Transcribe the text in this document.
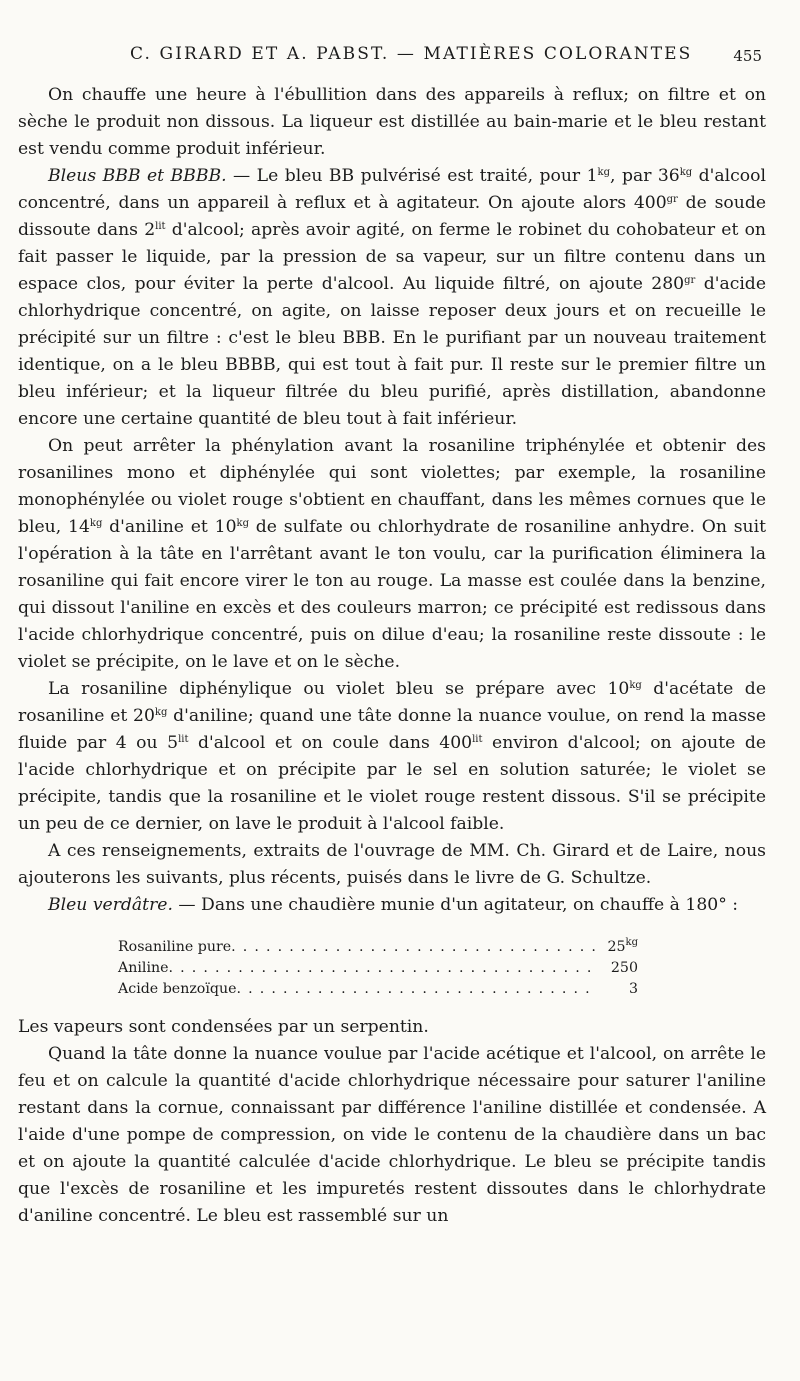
C. GIRARD ET A. PABST. — MATIÈRES COLORANTES	455

On chauffe une heure à l'ébullition dans des appareils à reflux; on filtre et on sèche le produit non dissous. La liqueur est distillée au bain-marie et le bleu restant est vendu comme produit inférieur.

Bleus BBB et BBBB. — Le bleu BB pulvérisé est traité, pour $1^{kg}$, par $36^{kg}$ d'alcool concentré, dans un appareil à reflux et à agitateur. On ajoute alors $400^{gr}$ de soude dissoute dans $2^{lit}$ d'alcool; après avoir agité, on ferme le robinet du cohobateur et on fait passer le liquide, par la pression de sa vapeur, sur un filtre contenu dans un espace clos, pour éviter la perte d'alcool. Au liquide filtré, on ajoute $280^{gr}$ d'acide chlorhydrique concentré, on agite, on laisse reposer deux jours et on recueille le précipité sur un filtre : c'est le bleu BBB. En le purifiant par un nouveau traitement identique, on a le bleu BBBB, qui est tout à fait pur. Il reste sur le premier filtre un bleu inférieur; et la liqueur filtrée du bleu purifié, après distillation, abandonne encore une certaine quantité de bleu tout à fait inférieur.

On peut arrêter la phénylation avant la rosaniline triphénylée et obtenir des rosanilines mono et diphénylée qui sont violettes; par exemple, la rosaniline monophénylée ou violet rouge s'obtient en chauffant, dans les mêmes cornues que le bleu, $14^{kg}$ d'aniline et $10^{kg}$ de sulfate ou chlorhydrate de rosaniline anhydre. On suit l'opération à la tâte en l'arrêtant avant le ton voulu, car la purification éliminera la rosaniline qui fait encore virer le ton au rouge. La masse est coulée dans la benzine, qui dissout l'aniline en excès et des couleurs marron; ce précipité est redissous dans l'acide chlorhydrique concentré, puis on dilue d'eau; la rosaniline reste dissoute : le violet se précipite, on le lave et on le sèche.

La rosaniline diphénylique ou violet bleu se prépare avec $10^{kg}$ d'acétate de rosaniline et $20^{kg}$ d'aniline; quand une tâte donne la nuance voulue, on rend la masse fluide par 4 ou $5^{lit}$ d'alcool et on coule dans $400^{lit}$ environ d'alcool; on ajoute de l'acide chlorhydrique et on précipite par le sel en solution saturée; le violet se précipite, tandis que la rosaniline et le violet rouge restent dissous. S'il se précipite un peu de ce dernier, on lave le produit à l'alcool faible.

A ces renseignements, extraits de l'ouvrage de MM. Ch. Girard et de Laire, nous ajouterons les suivants, plus récents, puisés dans le livre de G. Schultze.

Bleu verdâtre. — Dans une chaudière munie d'un agitateur, on chauffe à 180° :

Rosaniline pure . . .	$25^{kg}$
Aniline . . .	250
Acide benzoïque . . .	3

Les vapeurs sont condensées par un serpentin.

Quand la tâte donne la nuance voulue par l'acide acétique et l'alcool, on arrête le feu et on calcule la quantité d'acide chlorhydrique nécessaire pour saturer l'aniline restant dans la cornue, connaissant par différence l'aniline distillée et condensée. A l'aide d'une pompe de compression, on vide le contenu de la chaudière dans un bac et on ajoute la quantité calculée d'acide chlorhydrique. Le bleu se précipite tandis que l'excès de rosaniline et les impuretés restent dissoutes dans le chlorhydrate d'aniline concentré. Le bleu est rassemblé sur un
